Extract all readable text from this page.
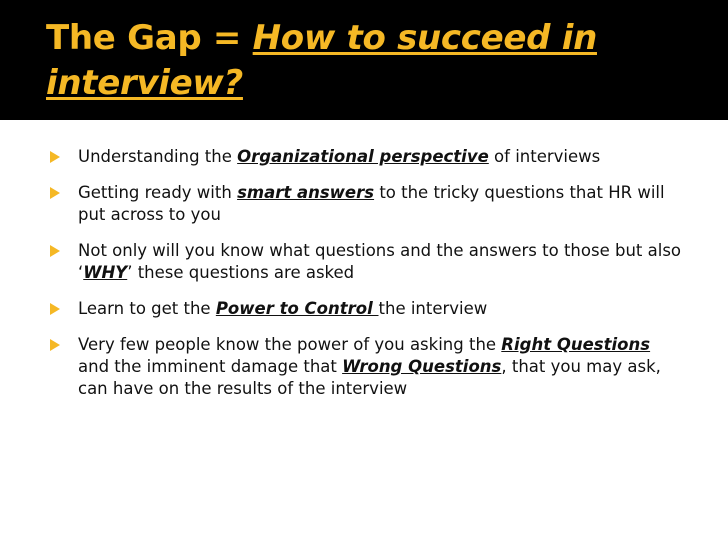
The Gap = How to succeed in interview?
Understanding the Organizational perspective of interviews
Getting ready with smart answers to the tricky questions that HR will put across to you
Not only will you know what questions and the answers to those but also ‘WHY’ these questions are asked
Learn to get the Power to Control the interview
Very few people know the power of you asking the Right Questions and the imminent damage that Wrong Questions, that you may ask, can have on the results of the interview
